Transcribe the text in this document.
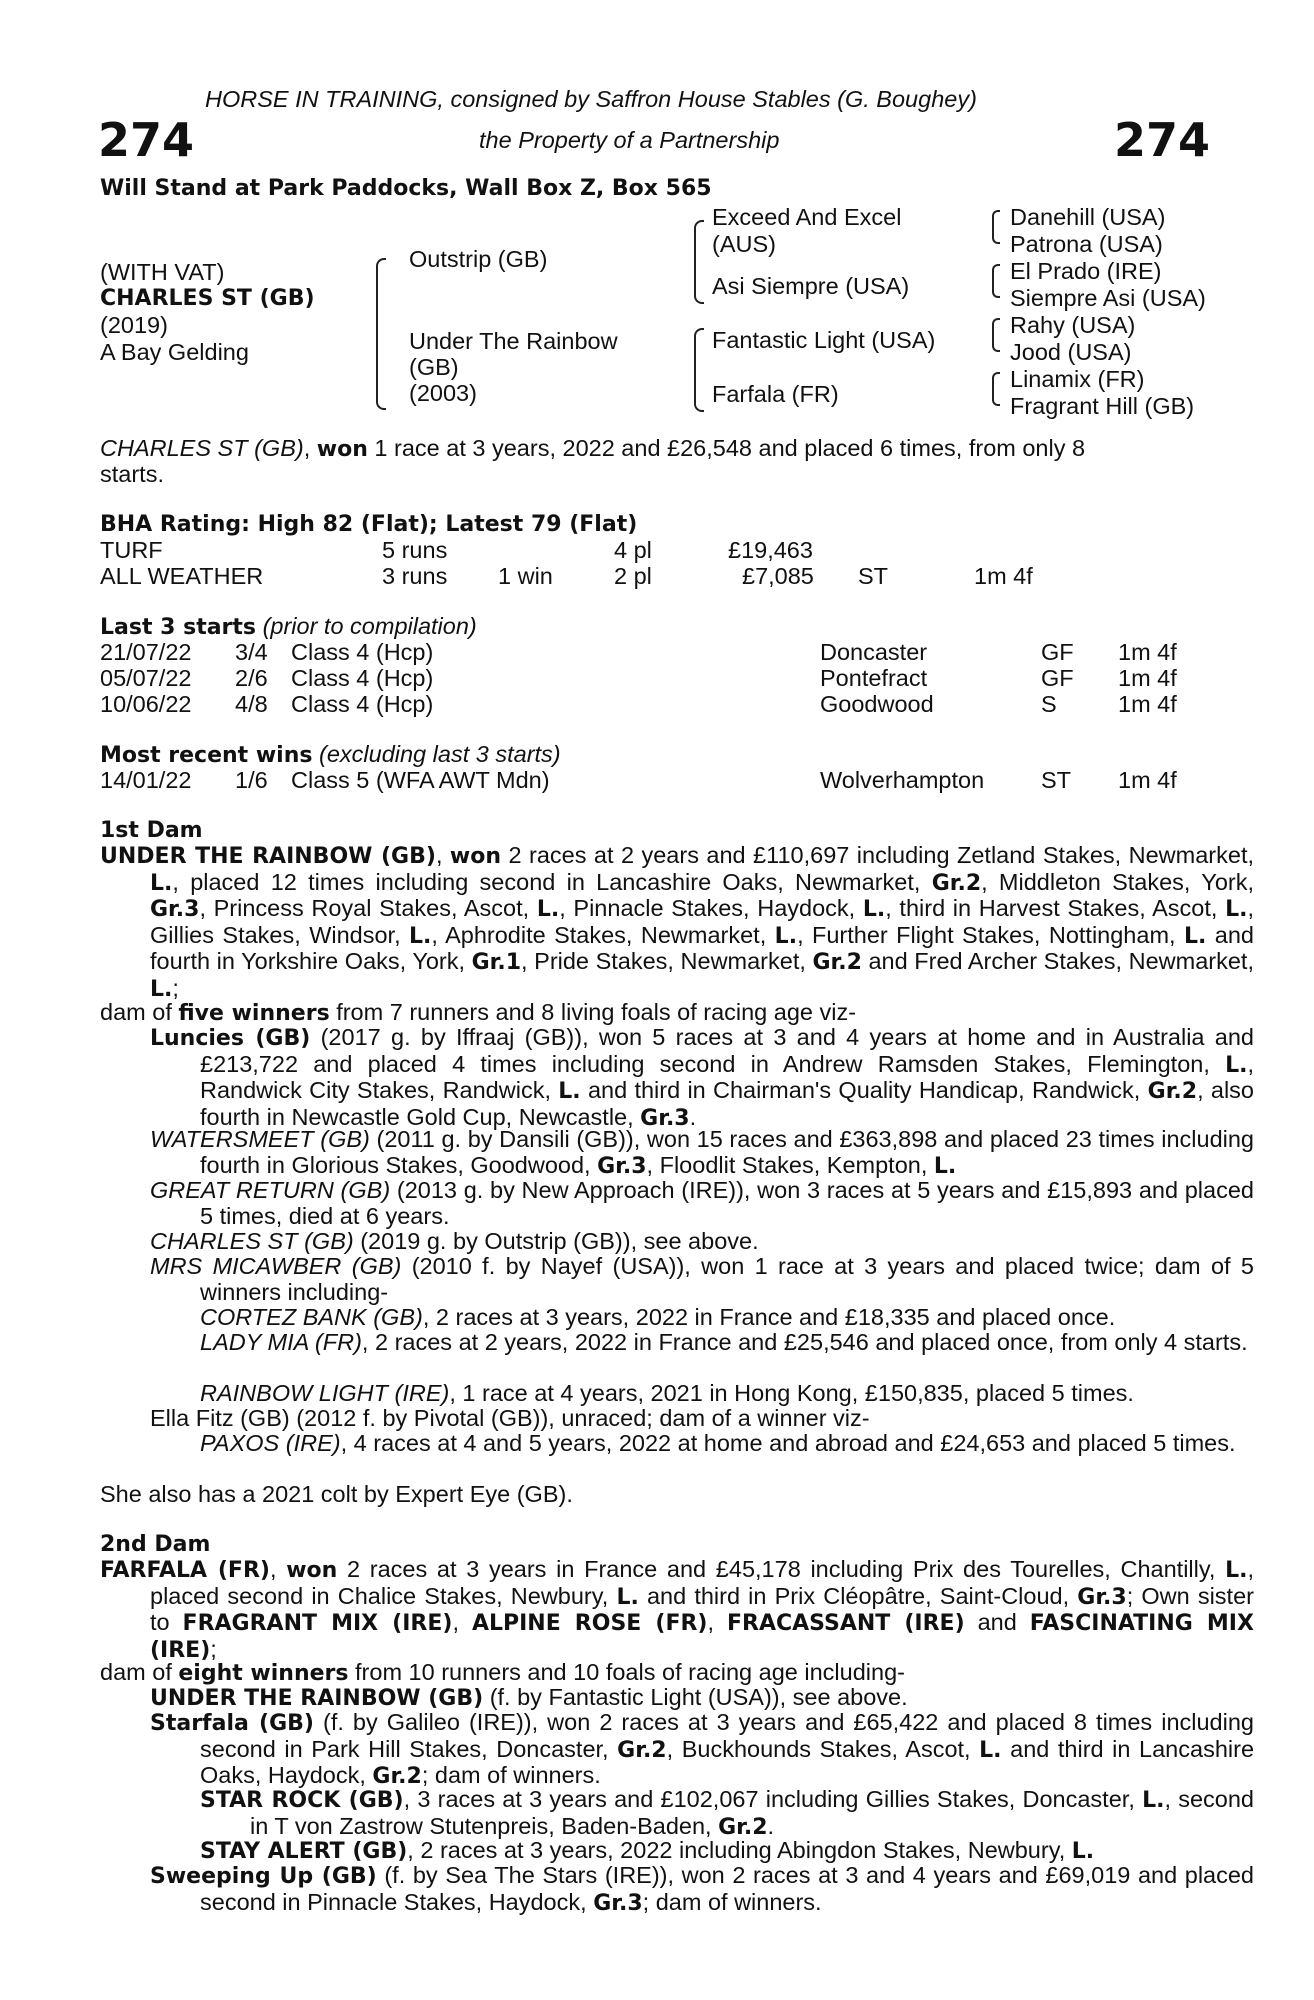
HORSE IN TRAINING, consigned by Saffron House Stables (G. Boughey)
274	the Property of a Partnership	274
Will Stand at Park Paddocks, Wall Box Z, Box 565
(WITH VAT)
CHARLES ST (GB)
(2019)
A Bay Gelding
Outstrip (GB)
Under The Rainbow
(GB)
(2003)
Exceed And Excel
(AUS)
Asi Siempre (USA)
Fantastic Light (USA)
Farfala (FR)
Danehill (USA)
Patrona (USA)
El Prado (IRE)
Siempre Asi (USA)
Rahy (USA)
Jood (USA)
Linamix (FR)
Fragrant Hill (GB)
CHARLES ST (GB), won 1 race at 3 years, 2022 and £26,548 and placed 6 times, from only 8
starts.
BHA Rating: High 82 (Flat); Latest 79 (Flat)
TURF	5 runs	4 pl	£19,463
ALL WEATHER	3 runs 1 win	2 pl	£7,085 ST	1m 4f
Last 3 starts (prior to compilation)
21/07/22 3/4 Class 4 (Hcp)	Doncaster	GF 1m 4f
05/07/22 2/6 Class 4 (Hcp)	Pontefract	GF 1m 4f
10/06/22 4/8 Class 4 (Hcp)	Goodwood	S	1m 4f
Most recent wins (excluding last 3 starts)
14/01/22 1/6 Class 5 (WFA AWT Mdn)	Wolverhampton ST 1m 4f
1st Dam
UNDER THE RAINBOW (GB), won 2 races at 2 years and £110,697 including Zetland Stakes, Newmarket, L., placed 12 times including second in Lancashire Oaks, Newmarket, Gr.2, Middleton Stakes, York, Gr.3, Princess Royal Stakes, Ascot, L., Pinnacle Stakes, Haydock, L., third in Harvest Stakes, Ascot, L., Gillies Stakes, Windsor, L., Aphrodite Stakes, Newmarket, L., Further Flight Stakes, Nottingham, L. and fourth in Yorkshire Oaks, York, Gr.1, Pride Stakes, Newmarket, Gr.2 and Fred Archer Stakes, Newmarket, L.;
dam of five winners from 7 runners and 8 living foals of racing age viz-
Luncies (GB) (2017 g. by Iffraaj (GB)), won 5 races at 3 and 4 years at home and in Australia and £213,722 and placed 4 times including second in Andrew Ramsden Stakes, Flemington, L., Randwick City Stakes, Randwick, L. and third in Chairman's Quality Handicap, Randwick, Gr.2, also fourth in Newcastle Gold Cup, Newcastle, Gr.3.
WATERSMEET (GB) (2011 g. by Dansili (GB)), won 15 races and £363,898 and placed 23 times including fourth in Glorious Stakes, Goodwood, Gr.3, Floodlit Stakes, Kempton, L.
GREAT RETURN (GB) (2013 g. by New Approach (IRE)), won 3 races at 5 years and £15,893 and placed 5 times, died at 6 years.
CHARLES ST (GB) (2019 g. by Outstrip (GB)), see above.
MRS MICAWBER (GB) (2010 f. by Nayef (USA)), won 1 race at 3 years and placed twice; dam of 5 winners including-
CORTEZ BANK (GB), 2 races at 3 years, 2022 in France and £18,335 and placed once.
LADY MIA (FR), 2 races at 2 years, 2022 in France and £25,546 and placed once, from only 4 starts.
RAINBOW LIGHT (IRE), 1 race at 4 years, 2021 in Hong Kong, £150,835, placed 5 times.
Ella Fitz (GB) (2012 f. by Pivotal (GB)), unraced; dam of a winner viz-
PAXOS (IRE), 4 races at 4 and 5 years, 2022 at home and abroad and £24,653 and placed 5 times.
She also has a 2021 colt by Expert Eye (GB).
2nd Dam
FARFALA (FR), won 2 races at 3 years in France and £45,178 including Prix des Tourelles, Chantilly, L., placed second in Chalice Stakes, Newbury, L. and third in Prix Cléopâtre, Saint-Cloud, Gr.3; Own sister to FRAGRANT MIX (IRE), ALPINE ROSE (FR), FRACASSANT (IRE) and FASCINATING MIX (IRE);
dam of eight winners from 10 runners and 10 foals of racing age including-
UNDER THE RAINBOW (GB) (f. by Fantastic Light (USA)), see above.
Starfala (GB) (f. by Galileo (IRE)), won 2 races at 3 years and £65,422 and placed 8 times including second in Park Hill Stakes, Doncaster, Gr.2, Buckhounds Stakes, Ascot, L. and third in Lancashire Oaks, Haydock, Gr.2; dam of winners.
STAR ROCK (GB), 3 races at 3 years and £102,067 including Gillies Stakes, Doncaster, L., second in T von Zastrow Stutenpreis, Baden-Baden, Gr.2.
STAY ALERT (GB), 2 races at 3 years, 2022 including Abingdon Stakes, Newbury, L.
Sweeping Up (GB) (f. by Sea The Stars (IRE)), won 2 races at 3 and 4 years and £69,019 and placed second in Pinnacle Stakes, Haydock, Gr.3; dam of winners.
